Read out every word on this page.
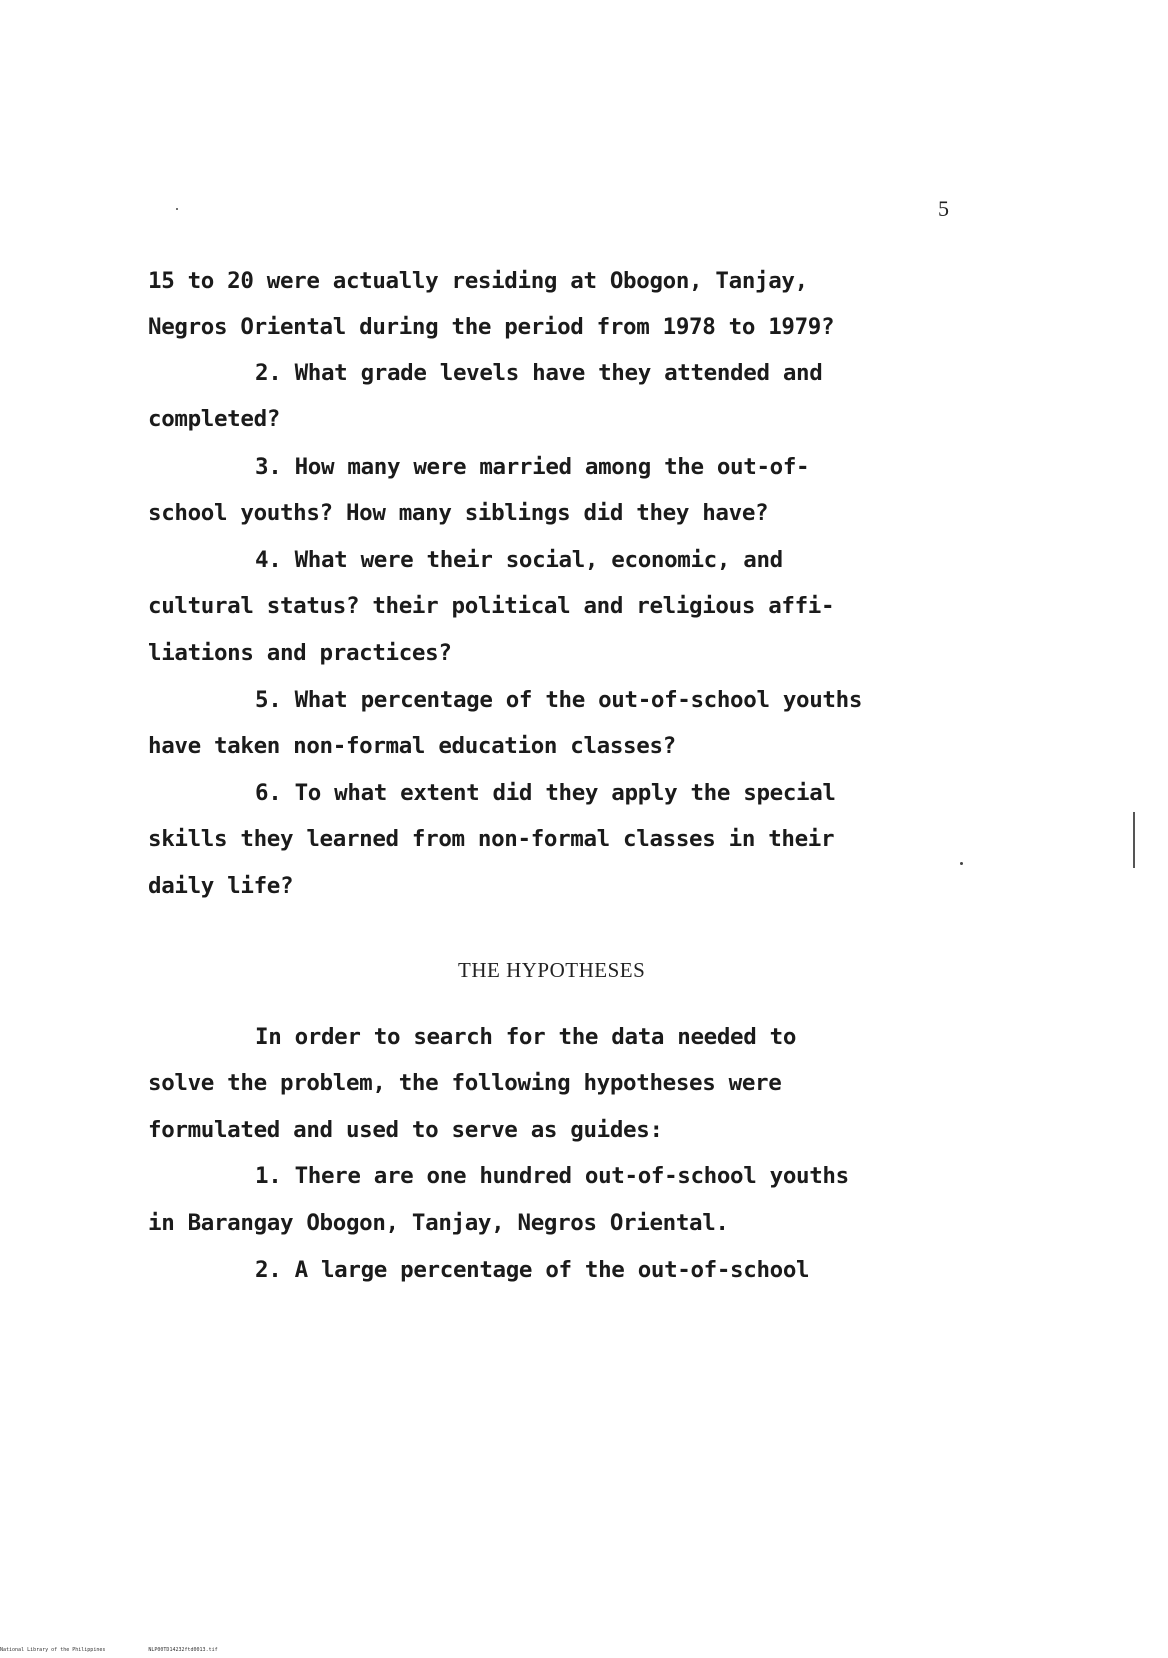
5
15 to 20 were actually residing at Obogon, Tanjay,
Negros Oriental during the period from 1978 to 1979?
2. What grade levels have they attended and
completed?
3. How many were married among the out-of-
school youths? How many siblings did they have?
4. What were their social, economic, and
cultural status? their political and religious affi-
liations and practices?
5. What percentage of the out-of-school youths
have taken non-formal education classes?
6. To what extent did they apply the special
skills they learned from non-formal classes in their
daily life?
THE HYPOTHESES
In order to search for the data needed to
solve the problem, the following hypotheses were
formulated and used to serve as guides:
1. There are one hundred out-of-school youths
in Barangay Obogon, Tanjay, Negros Oriental.
2. A large percentage of the out-of-school
National Library of the Philippines	NLP00TD14232ftd0013.tif
